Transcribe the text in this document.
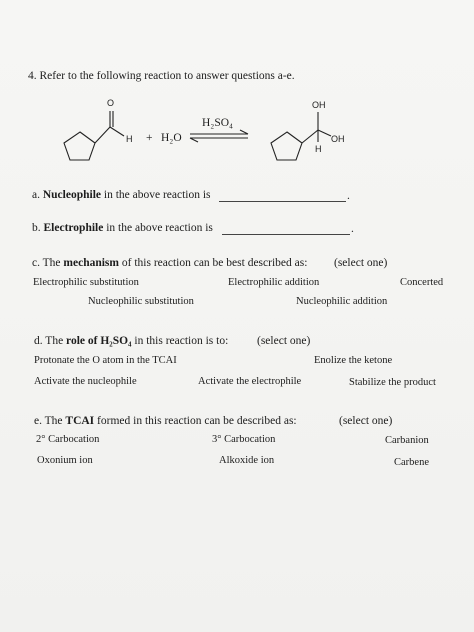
4. Refer to the following reaction to answer questions a-e.
O
H + H₂O
H₂SO₄
OH
OH
H
a. Nucleophile in the above reaction is	.
b. Electrophile in the above reaction is	.
c. The mechanism of this reaction can be best described as: (select one)
Electrophilic substitution	Electrophilic addition	Concerted
Nucleophilic substitution	Nucleophilic addition
d. The role of H₂SO₄ in this reaction is to: (select one)
Protonate the O atom in the TCAI	Enolize the ketone
Activate the nucleophile	Activate the electrophile	Stabilize the product
e. The TCAI formed in this reaction can be described as:	(select one)
2° Carbocation	3° Carbocation	Carbanion
Oxonium ion	Alkoxide ion	Carbene
